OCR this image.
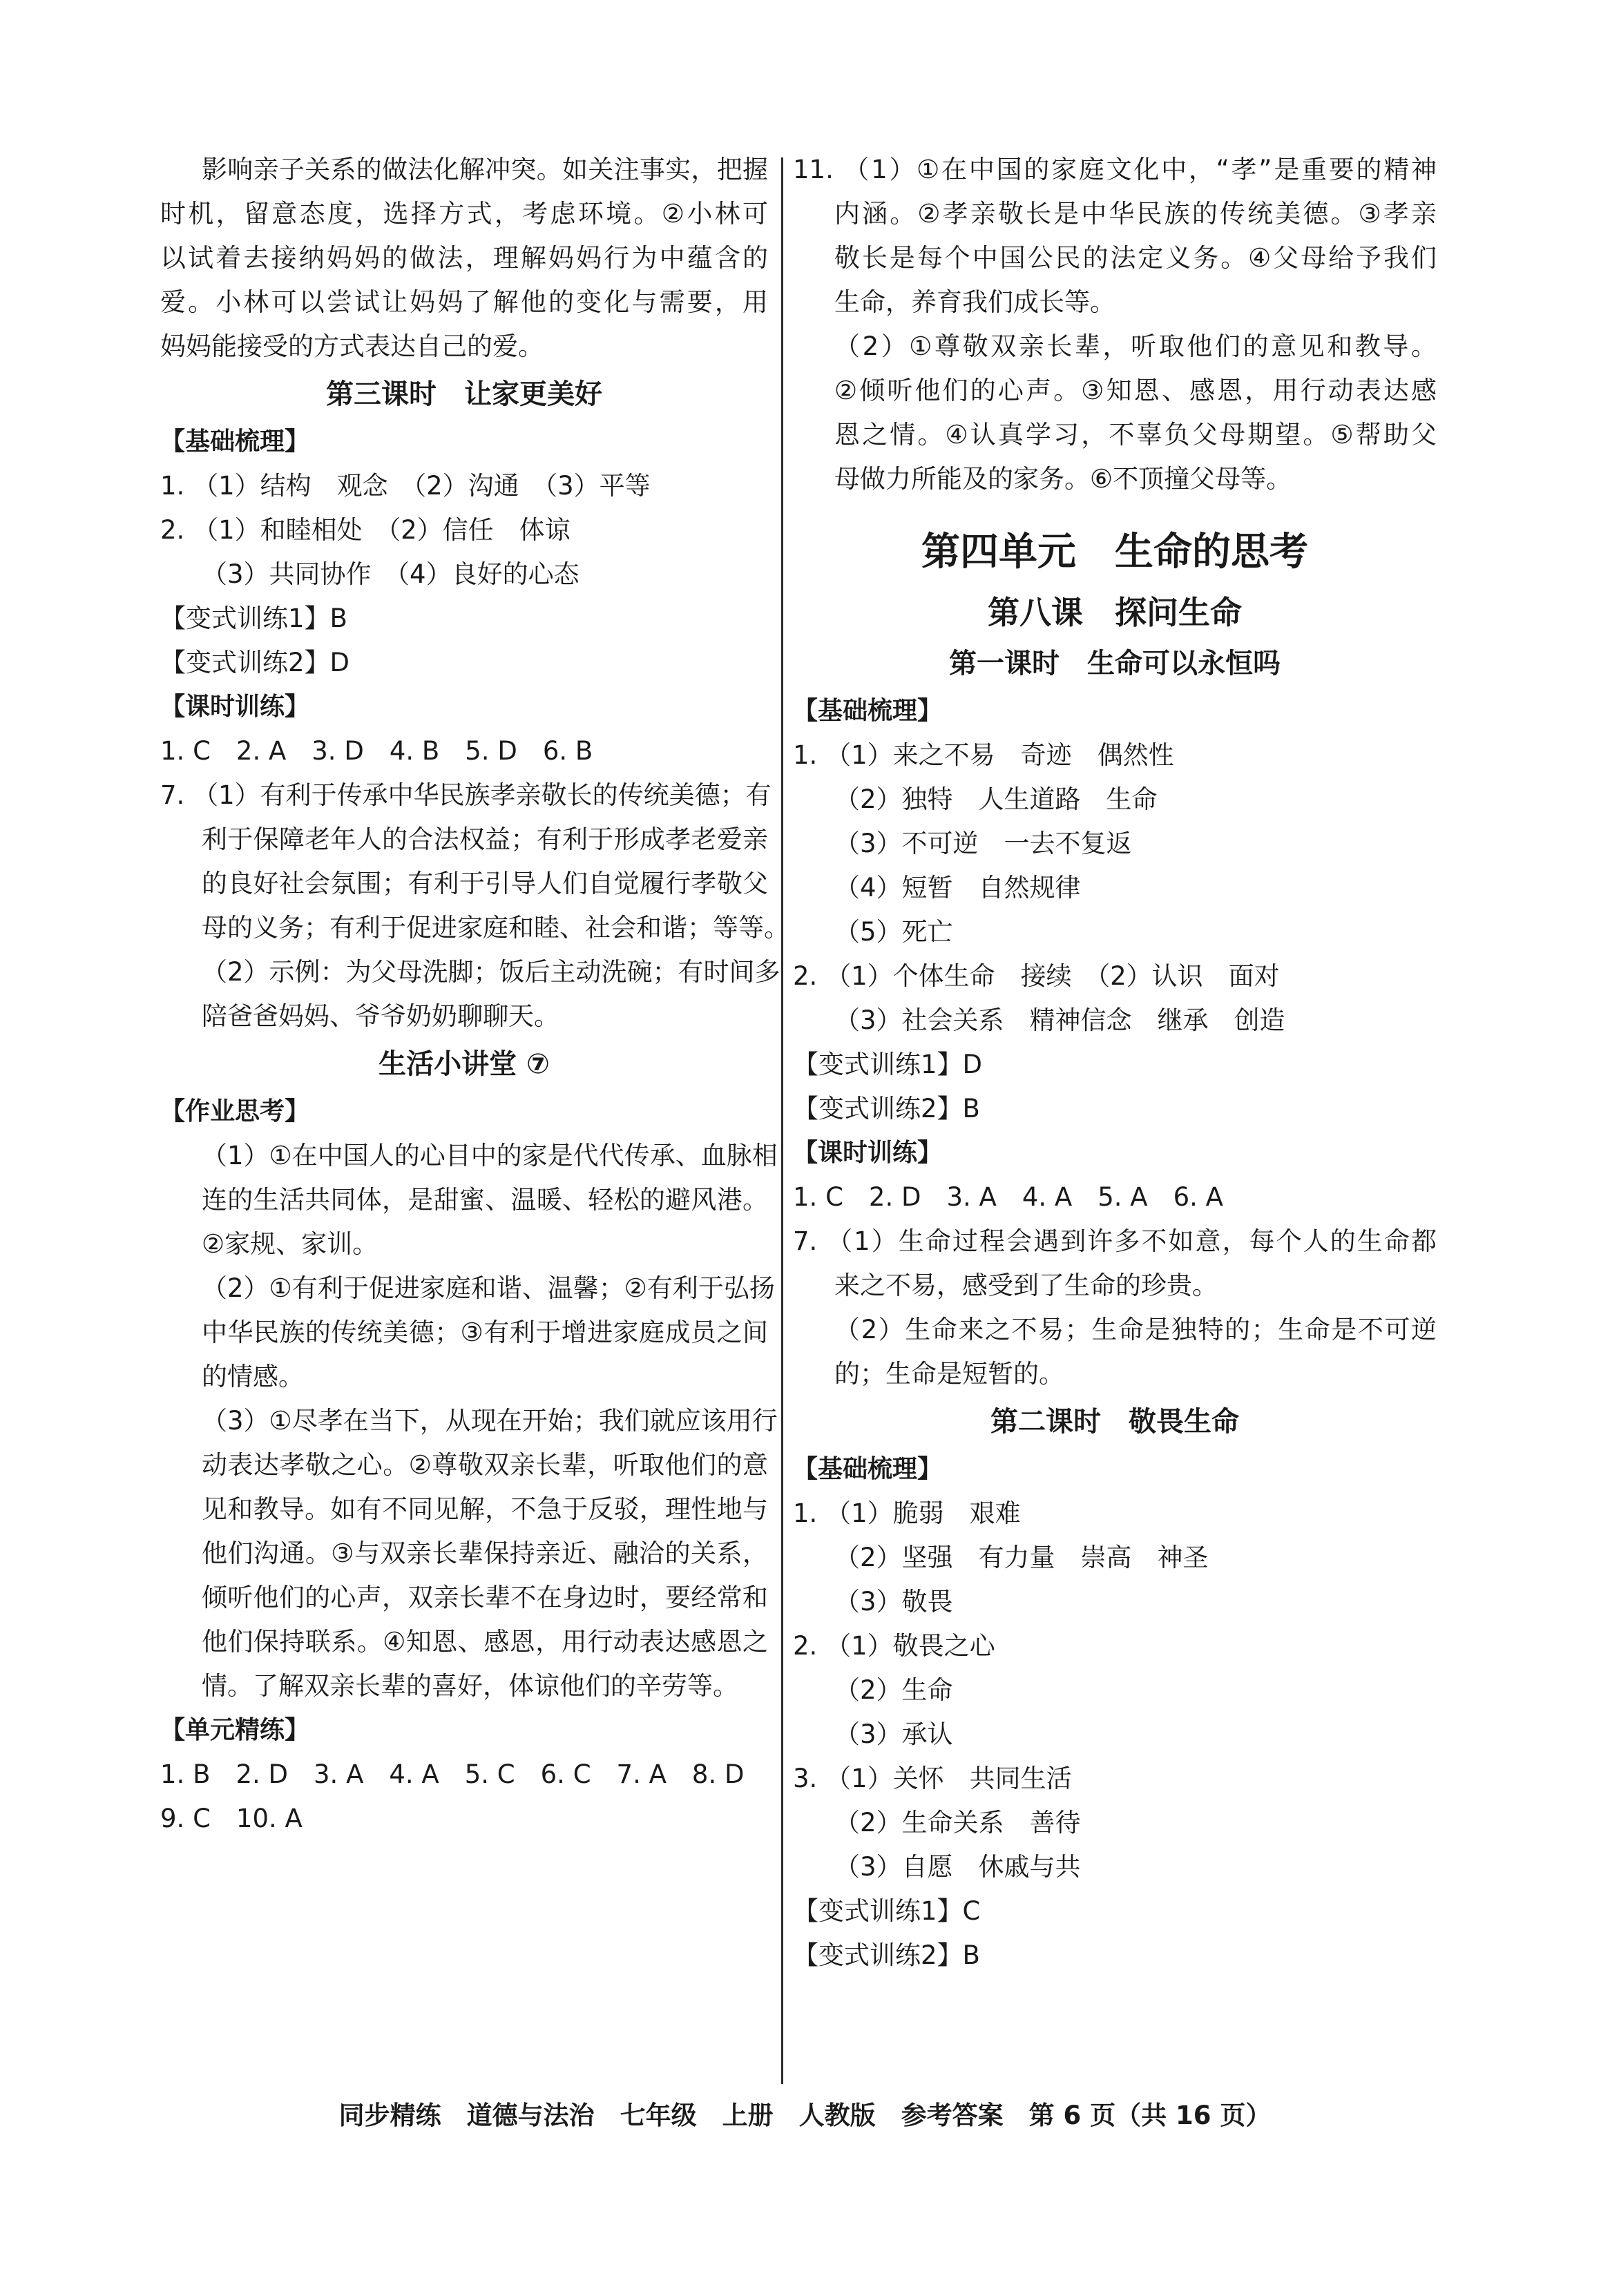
影响亲子关系的做法化解冲突。如关注事实，把握
时机，留意态度，选择方式，考虑环境。②小林可
以试着去接纳妈妈的做法，理解妈妈行为中蕴含的
爱。小林可以尝试让妈妈了解他的变化与需要，用
妈妈能接受的方式表达自己的爱。
第三课时　让家更美好
【基础梳理】
1. （1）结构　观念　（2）沟通　（3）平等
2. （1）和睦相处　（2）信任　体谅
（3）共同协作　（4）良好的心态
【变式训练1】B
【变式训练2】D
【课时训练】
1. C　2. A　3. D　4. B　5. D　6. B
7. （1）有利于传承中华民族孝亲敬长的传统美德；有
利于保障老年人的合法权益；有利于形成孝老爱亲
的良好社会氛围；有利于引导人们自觉履行孝敬父
母的义务；有利于促进家庭和睦、社会和谐；等等。
（2）示例：为父母洗脚；饭后主动洗碗；有时间多
陪爸爸妈妈、爷爷奶奶聊聊天。
生活小讲堂 ⑦
【作业思考】
（1）①在中国人的心目中的家是代代传承、血脉相
连的生活共同体，是甜蜜、温暖、轻松的避风港。
②家规、家训。
（2）①有利于促进家庭和谐、温馨；②有利于弘扬
中华民族的传统美德；③有利于增进家庭成员之间
的情感。
（3）①尽孝在当下，从现在开始；我们就应该用行
动表达孝敬之心。②尊敬双亲长辈，听取他们的意
见和教导。如有不同见解，不急于反驳，理性地与
他们沟通。③与双亲长辈保持亲近、融洽的关系，
倾听他们的心声，双亲长辈不在身边时，要经常和
他们保持联系。④知恩、感恩，用行动表达感恩之
情。了解双亲长辈的喜好，体谅他们的辛劳等。
【单元精练】
1. B　2. D　3. A　4. A　5. C　6. C　7. A　8. D
9. C　10. A
11. （1）①在中国的家庭文化中，“孝”是重要的精神
内涵。②孝亲敬长是中华民族的传统美德。③孝亲
敬长是每个中国公民的法定义务。④父母给予我们
生命，养育我们成长等。
（2）①尊敬双亲长辈，听取他们的意见和教导。
②倾听他们的心声。③知恩、感恩，用行动表达感
恩之情。④认真学习，不辜负父母期望。⑤帮助父
母做力所能及的家务。⑥不顶撞父母等。
第四单元　生命的思考
第八课　探问生命
第一课时　生命可以永恒吗
【基础梳理】
1. （1）来之不易　奇迹　偶然性
（2）独特　人生道路　生命
（3）不可逆　一去不复返
（4）短暂　自然规律
（5）死亡
2. （1）个体生命　接续　（2）认识　面对
（3）社会关系　精神信念　继承　创造
【变式训练1】D
【变式训练2】B
【课时训练】
1. C　2. D　3. A　4. A　5. A　6. A
7. （1）生命过程会遇到许多不如意，每个人的生命都
来之不易，感受到了生命的珍贵。
（2）生命来之不易；生命是独特的；生命是不可逆
的；生命是短暂的。
第二课时　敬畏生命
【基础梳理】
1. （1）脆弱　艰难
（2）坚强　有力量　崇高　神圣
（3）敬畏
2. （1）敬畏之心
（2）生命
（3）承认
3. （1）关怀　共同生活
（2）生命关系　善待
（3）自愿　休戚与共
【变式训练1】C
【变式训练2】B
同步精练　道德与法治　七年级　上册　人教版　参考答案　第 6 页（共 16 页）
